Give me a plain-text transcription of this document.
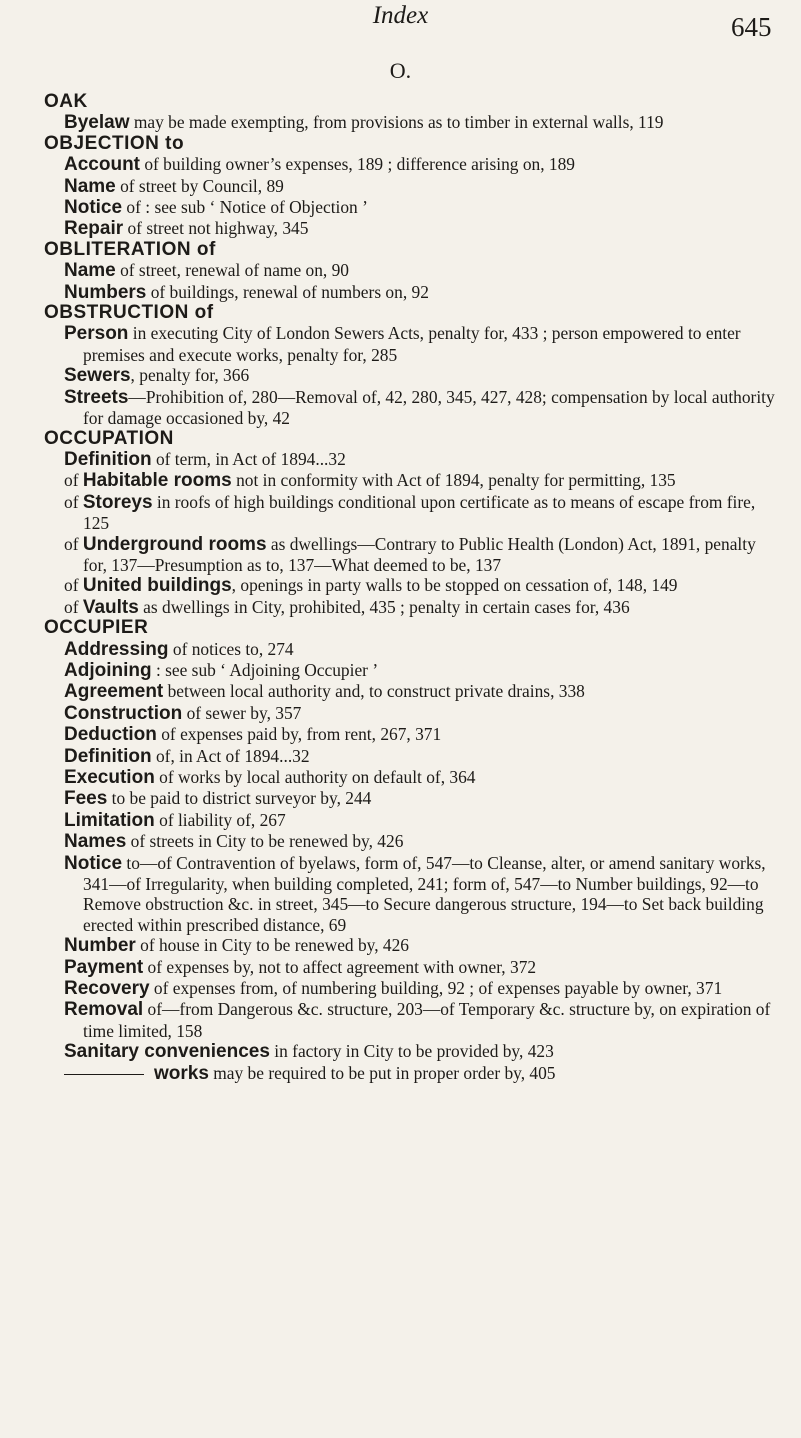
Index	645
O.
OAK
Byelaw may be made exempting, from provisions as to timber in external walls, 119
OBJECTION to
Account of building owner’s expenses, 189 ; difference arising on, 189
Name of street by Council, 89
Notice of : see sub ‘ Notice of Objection ’
Repair of street not highway, 345
OBLITERATION of
Name of street, renewal of name on, 90
Numbers of buildings, renewal of numbers on, 92
OBSTRUCTION of
Person in executing City of London Sewers Acts, penalty for, 433 ; person empowered to enter premises and execute works, penalty for, 285
Sewers, penalty for, 366
Streets—Prohibition of, 280—Removal of, 42, 280, 345, 427, 428; compensation by local authority for damage occasioned by, 42
OCCUPATION
Definition of term, in Act of 1894...32
of Habitable rooms not in conformity with Act of 1894, penalty for permitting, 135
of Storeys in roofs of high buildings conditional upon certificate as to means of escape from fire, 125
of Underground rooms as dwellings—Contrary to Public Health (London) Act, 1891, penalty for, 137—Presumption as to, 137—What deemed to be, 137
of United buildings, openings in party walls to be stopped on cessation of, 148, 149
of Vaults as dwellings in City, prohibited, 435 ; penalty in certain cases for, 436
OCCUPIER
Addressing of notices to, 274
Adjoining : see sub ‘ Adjoining Occupier ’
Agreement between local authority and, to construct private drains, 338
Construction of sewer by, 357
Deduction of expenses paid by, from rent, 267, 371
Definition of, in Act of 1894...32
Execution of works by local authority on default of, 364
Fees to be paid to district surveyor by, 244
Limitation of liability of, 267
Names of streets in City to be renewed by, 426
Notice to—of Contravention of byelaws, form of, 547—to Cleanse, alter, or amend sanitary works, 341—of Irregularity, when building completed, 241; form of, 547—to Number buildings, 92—to Remove obstruction &c. in street, 345—to Secure dangerous structure, 194—to Set back building erected within prescribed distance, 69
Number of house in City to be renewed by, 426
Payment of expenses by, not to affect agreement with owner, 372
Recovery of expenses from, of numbering building, 92 ; of expenses payable by owner, 371
Removal of—from Dangerous &c. structure, 203—of Temporary &c. structure by, on expiration of time limited, 158
Sanitary conveniences in factory in City to be provided by, 423
works may be required to be put in proper order by, 405
